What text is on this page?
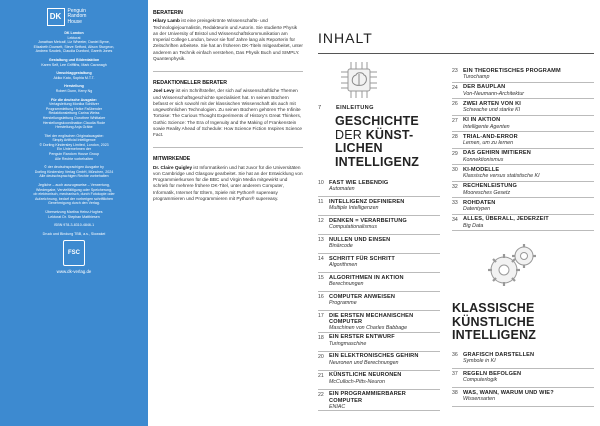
DK
Penguin Random House
DK London
Lektorat
Jonathan Metcalf, Liz Wheeler, Daniel Byrne,
Elizabeth Dowsett, Steve Setford, Alison Sturgeon,
Andrew Szudek, Claudia Dunford, Gareth Jones
Gestaltung und Bildredaktion
Karen Self, Lee Griffiths, Mark Cavanagh
Umschlaggestaltung
Akiko Kato, Sophia M.T.T.
Herstellung
Robert Dunn, Kerry Ng
Für die deutsche Ausgabe:
Verlagsleitung Monika Schlitzer
Programmleitung Heike Faßbender
Redaktionsleitung Carina Weiss
Herstellungsleitung Dorothee Whittaker
Herstellungskoordination Claudia Rode
Herstellung Anja Gräbe
Titel der englischen Originalausgabe:
Simply Artificial Intelligence
© Dorling Kindersley Limited, London, 2023
Ein Unternehmen der
Penguin Random House Group
Alle Rechte vorbehalten
© der deutschsprachigen Ausgabe by
Dorling Kindersley Verlag GmbH, München, 2024
Alle deutschsprachigen Rechte vorbehalten
Jegliche – auch auszugsweise – Verwertung,
Wiedergabe, Vervielfältigung oder Speicherung,
ob elektronisch, mechanisch, durch Fotokopie oder
Aufzeichnung, bedarf der vorherigen schriftlichen
Genehmigung durch den Verlag.
Übersetzung Martina Heinz-Hughes
Lektorat Dr. Stephan Matthiesen
ISBN 978-3-8310-4846-1
Druck und Bindung TBB, a.s., Slowakei
FSC
www.dk-verlag.de
BERATERIN
Hilary Lamb ist eine preisgekrönte Wissenschafts- und Technologiejournalistin, Redakteurin und Autorin. Sie studierte Physik an der University of Bristol und Wissenschaftskommunikation am Imperial College London, bevor sie fünf Jahre lang als Reporterin für Zeitschriften arbeitete. Sie hat an früheren DK-Titeln mitgearbeitet, unter anderem an Technik einfach verstehen, Das Physik Buch und SIMPLY. Quantenphysik.
REDAKTIONELLER BERATER
Joel Levy ist ein Schriftsteller, der sich auf wissenschaftliche Themen und Wissenschaftsgeschichte spezialisiert hat. In seinen Büchern befasst er sich sowohl mit der klassischen Wissenschaft als auch mit ungewöhnlichen Technologien. Zu seinen Büchern gehören The Infinite Tortoise: The Curious Thought Experiments of History's Great Thinkers, Gothic Science: The Era of Ingenuity and the Making of Frankenstein sowie Reality Ahead of Schedule: How Science Fiction Inspires Science Fact.
MITWIRKENDE
Dr. Claire Quigley ist Informatikerin und hat zuvor für die Universitäten von Cambridge und Glasgow gearbeitet. Sie hat an der Entwicklung von Programmierkursen für die BBC und Virgin Media mitgewirkt und schrieb für mehrere frühere DK-Titel, unter anderem Computer, Informatik, Internet für Eltern, Spiele mit Python® supereasy programmieren und Programmieren mit Python® supereasy.
INHALT
7	EINLEITUNG
GESCHICHTE
DER KÜNST-
LICHEN
INTELLIGENZ
10 FAST WIE LEBENDIG
Automaten
11	INTELLIGENZ DEFINIEREN
Multiple Intelligenzen
12 DENKEN = VERARBEITUNG
Computationalismus
13 NULLEN UND EINSEN
Binärcode
14 SCHRITT FÜR SCHRITT
Algorithmen
15 ALGORITHMEN IN AKTION
Berechnungen
16 COMPUTER ANWEISEN
Programme
17 DIE ERSTEN MECHANISCHEN COMPUTER
Maschinen von Charles Babbage
18 EIN ERSTER ENTWURF
Turingmaschine
20 EIN ELEKTRONISCHES GEHIRN
Neuronen und Berechnungen
21 KÜNSTLICHE NEURONEN
McCulloch-Pitts-Neuron
22 EIN PROGRAMMIERBARER COMPUTER
ENIAC
23 EIN THEORETISCHES PROGRAMM
Turochamp
24 DER BAUPLAN
Von-Neumann-Architektur
26 ZWEI ARTEN VON KI
Schwache und starke KI
27 KI IN AKTION
Intelligente Agenten
28 TRIAL-AND-ERROR
Lernen, um zu lernen
29 DAS GEHIRN IMITIEREN
Konnektionismus
30 KI-MODELLE
Klassische versus statistische KI
32 RECHENLEISTUNG
Mooresches Gesetz
33 ROHDATEN
Datentypen
34 ALLES, ÜBERALL, JEDERZEIT
Big Data
KLASSISCHE
KÜNSTLICHE
INTELLIGENZ
36 GRAFISCH DARSTELLEN
Symbole in KI
37 REGELN BEFOLGEN
Computerlogik
38 WAS, WANN, WARUM UND WIE?
Wissensarten
